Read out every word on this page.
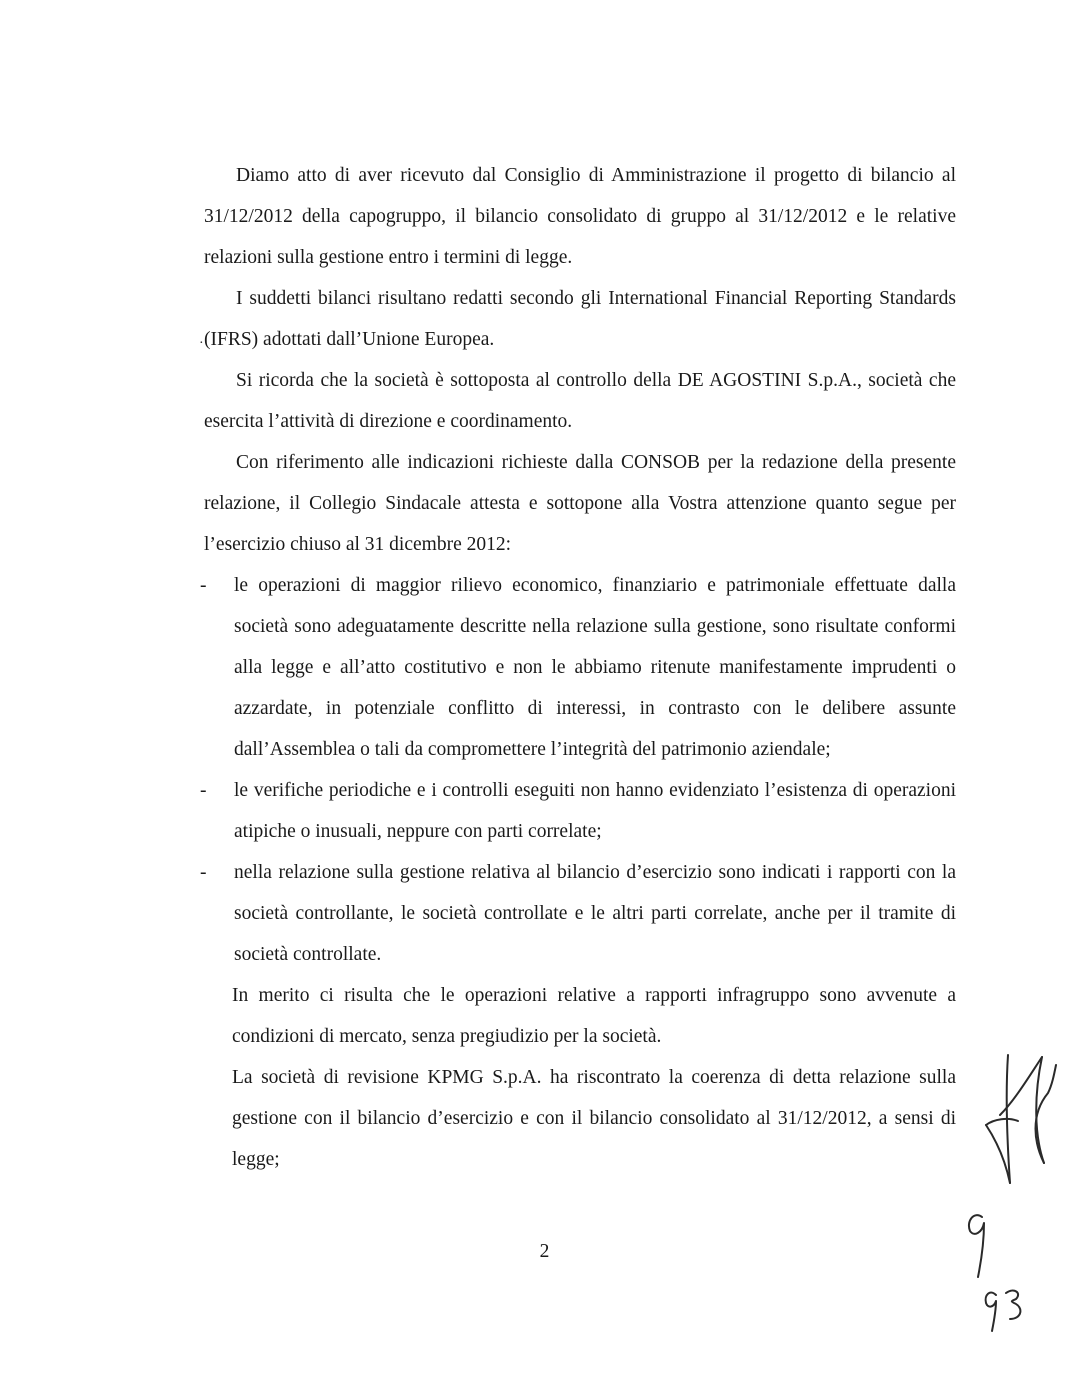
Diamo atto di aver ricevuto dal Consiglio di Amministrazione il progetto di bilancio al 31/12/2012 della capogruppo, il bilancio consolidato di gruppo al 31/12/2012 e le relative relazioni sulla gestione entro i termini di legge.

I suddetti bilanci risultano redatti secondo gli International Financial Reporting Standards (IFRS) adottati dall’Unione Europea.

Si ricorda che la società è sottoposta al controllo della DE AGOSTINI S.p.A., società che esercita l’attività di direzione e coordinamento.

Con riferimento alle indicazioni richieste dalla CONSOB per la redazione della presente relazione, il Collegio Sindacale attesta e sottopone alla Vostra attenzione quanto segue per l’esercizio chiuso al 31 dicembre 2012:

- le operazioni di maggior rilievo economico, finanziario e patrimoniale effettuate dalla società sono adeguatamente descritte nella relazione sulla gestione, sono risultate conformi alla legge e all’atto costitutivo e non le abbiamo ritenute manifestamente imprudenti o azzardate, in potenziale conflitto di interessi, in contrasto con le delibere assunte dall’Assemblea o tali da compromettere l’integrità del patrimonio aziendale;

- le verifiche periodiche e i controlli eseguiti non hanno evidenziato l’esistenza di operazioni atipiche o inusuali, neppure con parti correlate;

- nella relazione sulla gestione relativa al bilancio d’esercizio sono indicati i rapporti con la società controllante, le società controllate e le altri parti correlate, anche per il tramite di società controllate.

In merito ci risulta che le operazioni relative a rapporti infragruppo sono avvenute a condizioni di mercato, senza pregiudizio per la società.

La società di revisione KPMG S.p.A. ha riscontrato la coerenza di detta relazione sulla gestione con il bilancio d’esercizio e con il bilancio consolidato al 31/12/2012, a sensi di legge;

·
2
